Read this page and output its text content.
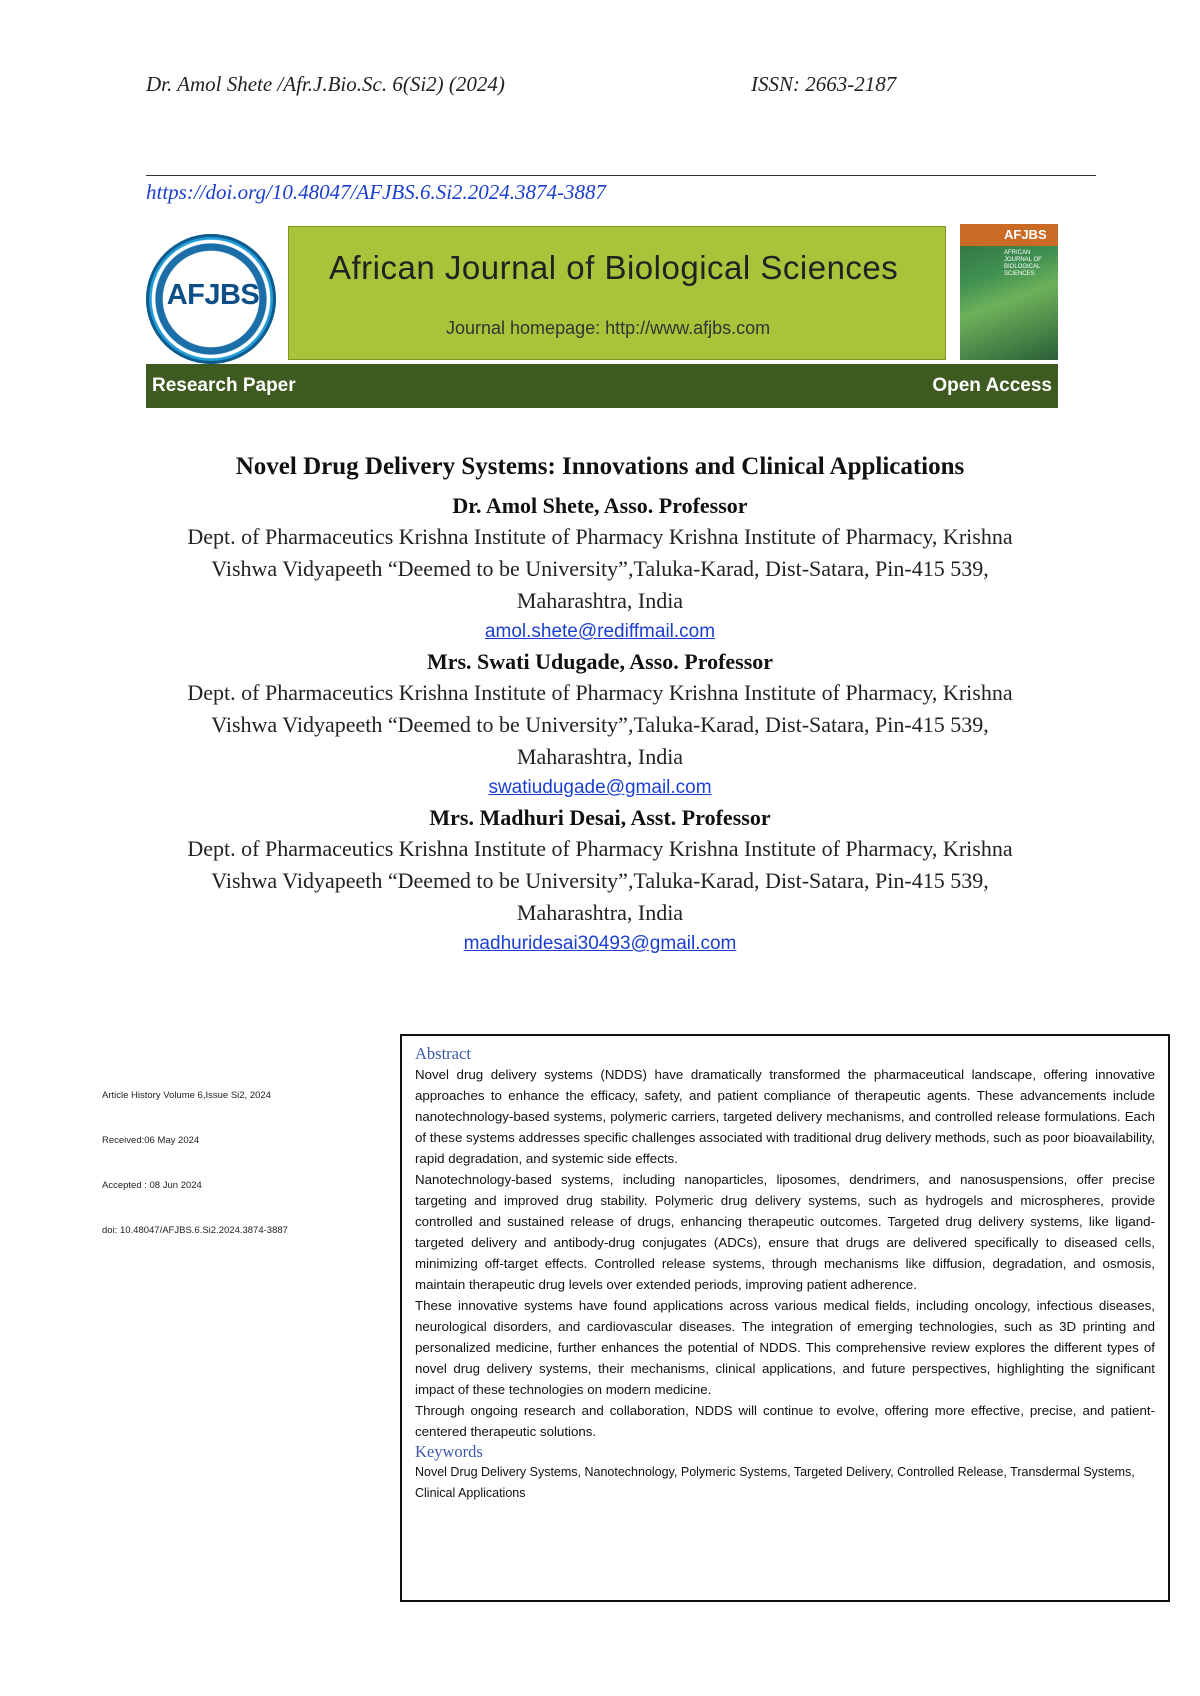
Dr. Amol Shete /Afr.J.Bio.Sc. 6(Si2) (2024)	ISSN: 2663-2187
https://doi.org/10.48047/AFJBS.6.Si2.2024.3874-3887
AFJBS
African Journal of Biological Sciences
Journal homepage: http://www.afjbs.com
AFJBS
AFRICAN JOURNAL OF BIOLOGICAL SCIENCES
Research Paper	Open Access
Novel Drug Delivery Systems: Innovations and Clinical Applications
Dr. Amol Shete, Asso. Professor
Dept. of Pharmaceutics Krishna Institute of Pharmacy Krishna Institute of Pharmacy, Krishna
Vishwa Vidyapeeth “Deemed to be University”,Taluka-Karad, Dist-Satara, Pin-415 539,
Maharashtra, India
amol.shete@rediffmail.com
Mrs. Swati Udugade, Asso. Professor
Dept. of Pharmaceutics Krishna Institute of Pharmacy Krishna Institute of Pharmacy, Krishna
Vishwa Vidyapeeth “Deemed to be University”,Taluka-Karad, Dist-Satara, Pin-415 539,
Maharashtra, India
swatiudugade@gmail.com
Mrs. Madhuri Desai, Asst. Professor
Dept. of Pharmaceutics Krishna Institute of Pharmacy Krishna Institute of Pharmacy, Krishna
Vishwa Vidyapeeth “Deemed to be University”,Taluka-Karad, Dist-Satara, Pin-415 539,
Maharashtra, India
madhuridesai30493@gmail.com
Article History Volume 6,Issue Si2, 2024
Received:06 May 2024
Accepted : 08 Jun 2024
doi: 10.48047/AFJBS.6.Si2.2024.3874-3887
Abstract

Novel drug delivery systems (NDDS) have dramatically transformed the pharmaceutical landscape, offering innovative approaches to enhance the efficacy, safety, and patient compliance of therapeutic agents. These advancements include nanotechnology-based systems, polymeric carriers, targeted delivery mechanisms, and controlled release formulations. Each of these systems addresses specific challenges associated with traditional drug delivery methods, such as poor bioavailability, rapid degradation, and systemic side effects.

Nanotechnology-based systems, including nanoparticles, liposomes, dendrimers, and nanosuspensions, offer precise targeting and improved drug stability. Polymeric drug delivery systems, such as hydrogels and microspheres, provide controlled and sustained release of drugs, enhancing therapeutic outcomes. Targeted drug delivery systems, like ligand-targeted delivery and antibody-drug conjugates (ADCs), ensure that drugs are delivered specifically to diseased cells, minimizing off-target effects. Controlled release systems, through mechanisms like diffusion, degradation, and osmosis, maintain therapeutic drug levels over extended periods, improving patient adherence.

These innovative systems have found applications across various medical fields, including oncology, infectious diseases, neurological disorders, and cardiovascular diseases. The integration of emerging technologies, such as 3D printing and personalized medicine, further enhances the potential of NDDS. This comprehensive review explores the different types of novel drug delivery systems, their mechanisms, clinical applications, and future perspectives, highlighting the significant impact of these technologies on modern medicine.

Through ongoing research and collaboration, NDDS will continue to evolve, offering more effective, precise, and patient-centered therapeutic solutions.

Keywords

Novel Drug Delivery Systems, Nanotechnology, Polymeric Systems, Targeted Delivery, Controlled Release, Transdermal Systems, Clinical Applications
